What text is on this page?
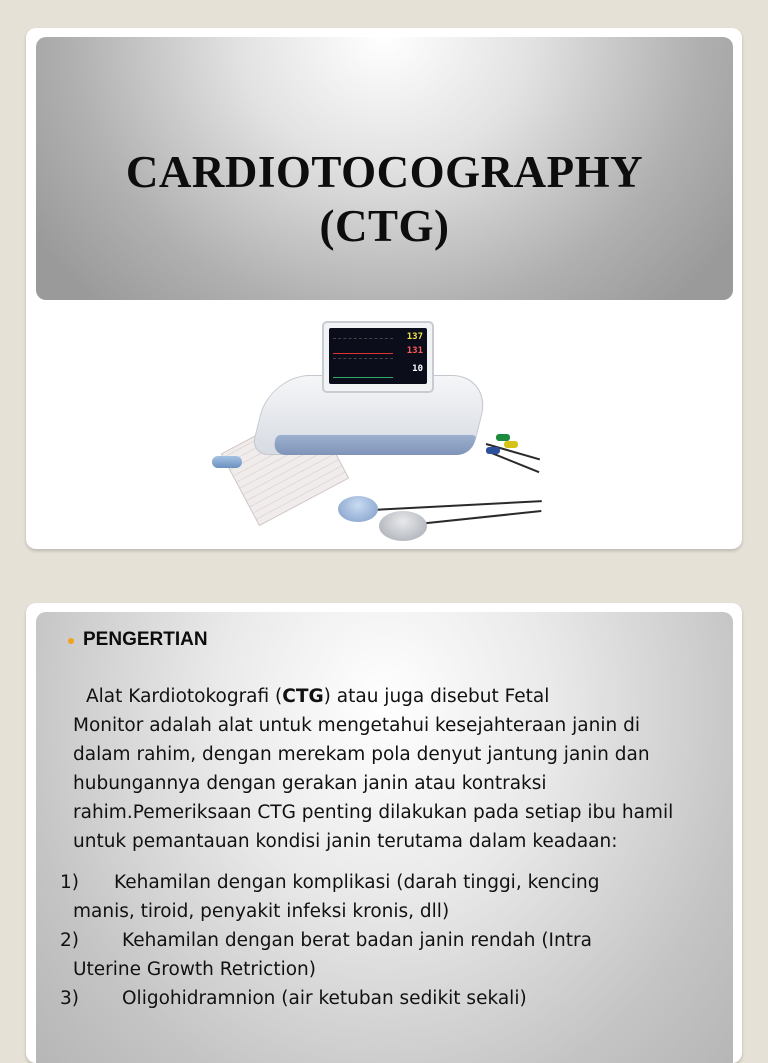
CARDIOTOCOGRAPHY
(CTG)
137
131
10
PENGERTIAN
Alat Kardiotokografi (CTG) atau juga disebut Fetal
Monitor adalah alat untuk mengetahui kesejahteraan janin di
dalam rahim, dengan merekam pola denyut jantung janin dan
hubungannya dengan gerakan janin atau kontraksi
rahim.Pemeriksaan CTG penting dilakukan pada setiap ibu hamil
untuk pemantauan kondisi janin terutama dalam keadaan:
1) Kehamilan dengan komplikasi (darah tinggi, kencing
manis, tiroid, penyakit infeksi kronis, dll)
2) Kehamilan dengan berat badan janin rendah (Intra
Uterine Growth Retriction)
3) Oligohidramnion (air ketuban sedikit sekali)
